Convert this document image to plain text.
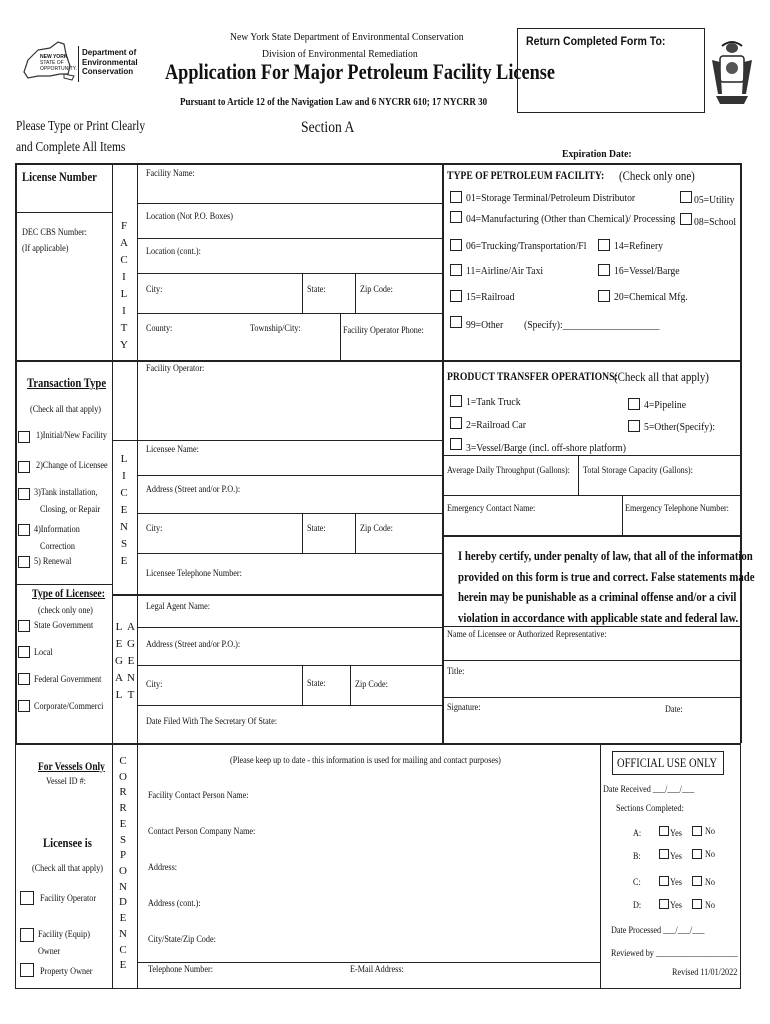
NEW YORK
STATE OF
OPPORTUNITY.
Department of
Environmental
Conservation
New York State Department of Environmental Conservation
Division of Environmental Remediation
Application For Major Petroleum Facility License
Pursuant to Article 12 of the Navigation Law and 6 NYCRR 610; 17 NYCRR 30
Return Completed Form To:
Please Type or Print Clearly
and Complete All Items
Section A
Expiration Date:
License Number
DEC CBS Number:
(If applicable)
Transaction Type
(Check all that apply)
1)Initial/New Facility
2)Change of Licensee
3)Tank installation,
Closing, or Repair
4)Information
Correction
5) Renewal
Type of Licensee:
(check only one)
State Government
Local
Federal Government
Corporate/Commerci
F
A
C
I
L
I
T
Y
L
I
C
E
N
S
E
L
E
G
A
L
A
G
E
N
T
Facility Name:
Location (Not P.O. Boxes)
Location (cont.):
City:	State:	Zip Code:
County:	Township/City:	Facility Operator Phone:
Facility Operator:
Licensee Name:
Address (Street and/or P.O.):
City:	State:	Zip Code:
Licensee Telephone Number:
Legal Agent Name:
Address (Street and/or P.O.):
City:	State:	Zip Code:
Date Filed With The Secretary Of State:
TYPE OF PETROLEUM FACILITY: (Check only one)
01=Storage Terminal/Petroleum Distributor	05=Utility
04=Manufacturing (Other than Chemical)/ Processing 08=School
06=Trucking/Transportation/Fl	14=Refinery
11=Airline/Air Taxi	16=Vessel/Barge
15=Railroad	20=Chemical Mfg.
99=Other (Specify):____________________
PRODUCT TRANSFER OPERATIONS:
(Check all that apply)
1=Tank Truck	4=Pipeline
2=Railroad Car	5=Other(Specify):
3=Vessel/Barge (incl. off-shore platform)
Average Daily Throughput (Gallons): Total Storage Capacity (Gallons):
Emergency Contact Name:	Emergency Telephone Number:
I hereby certify, under penalty of law, that all of the information
provided on this form is true and correct. False statements made
herein may be punishable as a criminal offense and/or a civil
violation in accordance with applicable state and federal law.
Name of Licensee or Authorized Representative:
Title:
Signature:	Date:
For Vessels Only
Vessel ID #:
Licensee is
(Check all that apply)
Facility Operator
Facility (Equip)
Owner
Property Owner
C
O
R
R
E
S
P
O
N
D
E
N
C
E
(Please keep up to date - this information is used for mailing and contact purposes)
Facility Contact Person Name:
Contact Person Company Name:
Address:
Address (cont.):
City/State/Zip Code:
Telephone Number:	E-Mail Address:
OFFICIAL USE ONLY
Date Received ___/___/___
Sections Completed:
A:	Yes No
B:	Yes No
C:	Yes No
D:	Yes No
Date Processed ___/___/___
Reviewed by ____________________
Revised 11/01/2022
